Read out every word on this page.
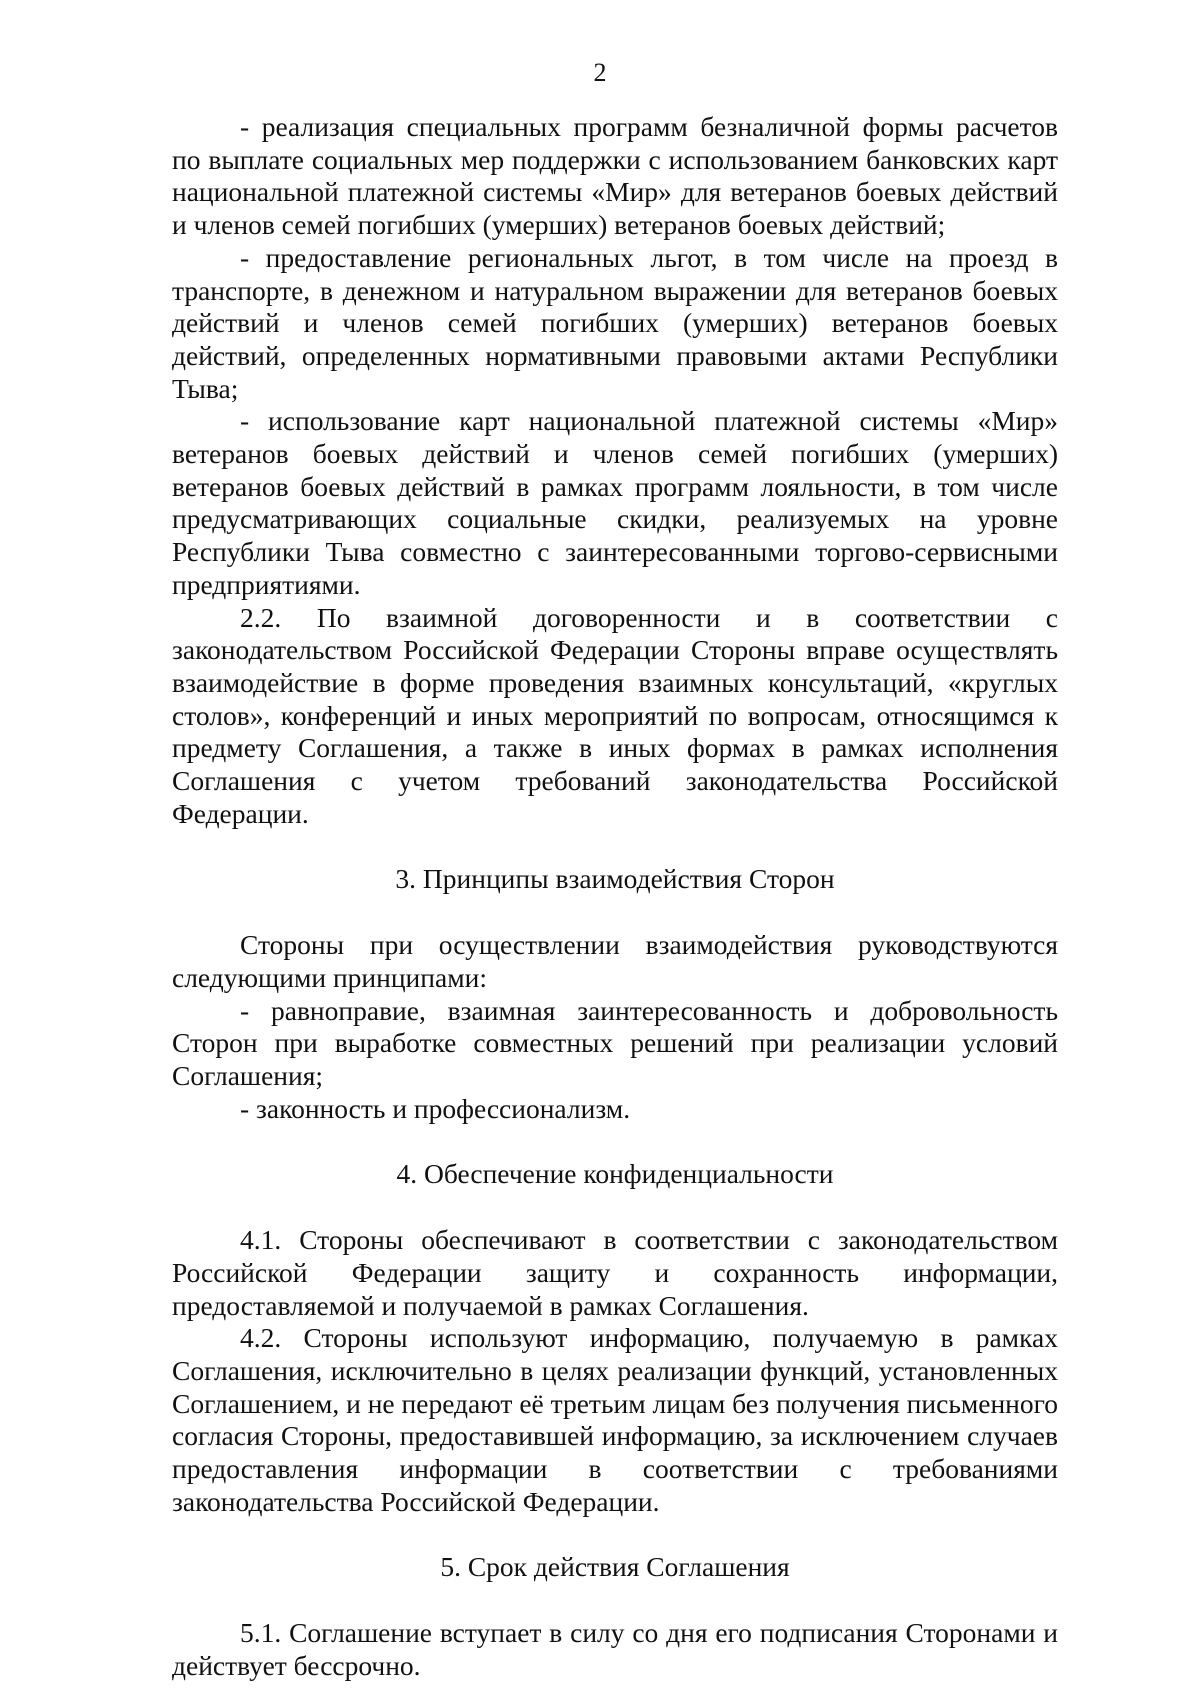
2

- реализация специальных программ безналичной формы расчетов по выплате социальных мер поддержки с использованием банковских карт национальной платежной системы «Мир» для ветеранов боевых действий и членов семей погибших (умерших) ветеранов боевых действий;

- предоставление региональных льгот, в том числе на проезд в транспорте, в денежном и натуральном выражении для ветеранов боевых действий и членов семей погибших (умерших) ветеранов боевых действий, определенных нормативными правовыми актами Республики Тыва;

- использование карт национальной платежной системы «Мир» ветеранов боевых действий и членов семей погибших (умерших) ветеранов боевых действий в рамках программ лояльности, в том числе предусматривающих социальные скидки, реализуемых на уровне Республики Тыва совместно с заинтересованными торгово-сервисными предприятиями.

2.2. По взаимной договоренности и в соответствии с законодательством Российской Федерации Стороны вправе осуществлять взаимодействие в форме проведения взаимных консультаций, «круглых столов», конференций и иных мероприятий по вопросам, относящимся к предмету Соглашения, а также в иных формах в рамках исполнения Соглашения с учетом требований законодательства Российской Федерации.

3. Принципы взаимодействия Сторон

Стороны при осуществлении взаимодействия руководствуются следующими принципами:

- равноправие, взаимная заинтересованность и добровольность Сторон при выработке совместных решений при реализации условий Соглашения;

- законность и профессионализм.

4. Обеспечение конфиденциальности

4.1. Стороны обеспечивают в соответствии с законодательством Российской Федерации защиту и сохранность информации, предоставляемой и получаемой в рамках Соглашения.

4.2. Стороны используют информацию, получаемую в рамках Соглашения, исключительно в целях реализации функций, установленных Соглашением, и не передают её третьим лицам без получения письменного согласия Стороны, предоставившей информацию, за исключением случаев предоставления информации в соответствии с требованиями законодательства Российской Федерации.

5. Срок действия Соглашения

5.1. Соглашение вступает в силу со дня его подписания Сторонами и действует бессрочно.
